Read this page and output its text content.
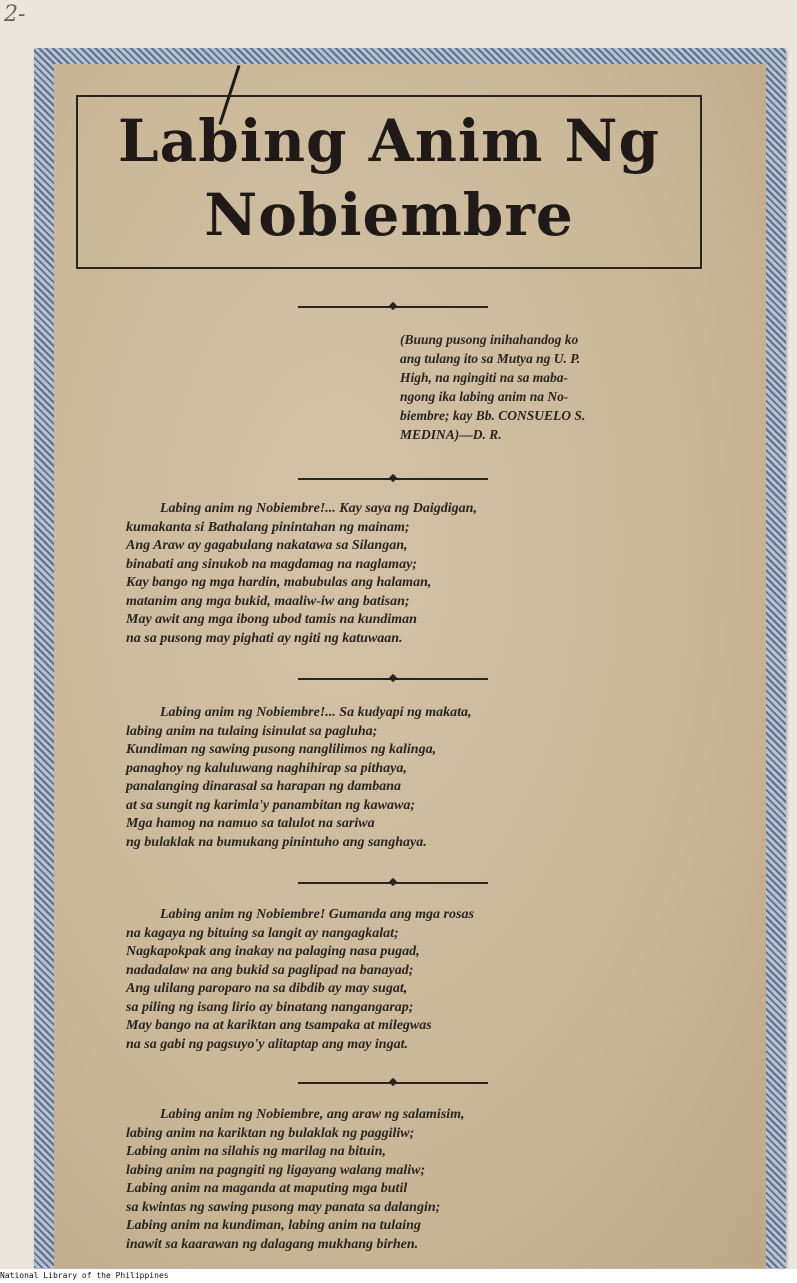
2-
Labing Anim Ng
Nobiembre
(Buung pusong inihahandog ko
ang tulang ito sa Mutya ng U. P.
High, na ngingiti na sa maba-
ngong ika labing anim na No-
biembre; kay Bb. CONSUELO S.
MEDINA)—D. R.
Labing anim ng Nobiembre!... Kay saya ng Daigdigan,
kumakanta si Bathalang pinintahan ng mainam;
Ang Araw ay gagabulang nakatawa sa Silangan,
binabati ang sinukob na magdamag na naglamay;
Kay bango ng mga hardin, mabubulas ang halaman,
matanim ang mga bukid, maaliw-iw ang batisan;
May awit ang mga ibong ubod tamis na kundiman
na sa pusong may pighati ay ngiti ng katuwaan.
Labing anim ng Nobiembre!... Sa kudyapi ng makata,
labing anim na tulaing isinulat sa pagluha;
Kundiman ng sawing pusong nanglilimos ng kalinga,
panaghoy ng kaluluwang naghihirap sa pithaya,
panalanging dinarasal sa harapan ng dambana
at sa sungit ng karimla'y panambitan ng kawawa;
Mga hamog na namuo sa talulot na sariwa
ng bulaklak na bumukang pinintuho ang sanghaya.
Labing anim ng Nobiembre! Gumanda ang mga rosas
na kagaya ng bituing sa langit ay nangagkalat;
Nagkapokpak ang inakay na palaging nasa pugad,
nadadalaw na ang bukid sa paglipad na banayad;
Ang ulilang paroparo na sa dibdib ay may sugat,
sa piling ng isang lirio ay binatang nangangarap;
May bango na at kariktan ang tsampaka at milegwas
na sa gabi ng pagsuyo'y alitaptap ang may ingat.
Labing anim ng Nobiembre, ang araw ng salamisim,
labing anim na kariktan ng bulaklak ng paggiliw;
Labing anim na silahis ng marilag na bituin,
labing anim na pagngiti ng ligayang walang maliw;
Labing anim na maganda at maputing mga butil
sa kwintas ng sawing pusong may panata sa dalangin;
Labing anim na kundiman, labing anim na tulaing
inawit sa kaarawan ng dalagang mukhang birhen.
National Library of the Philippines
